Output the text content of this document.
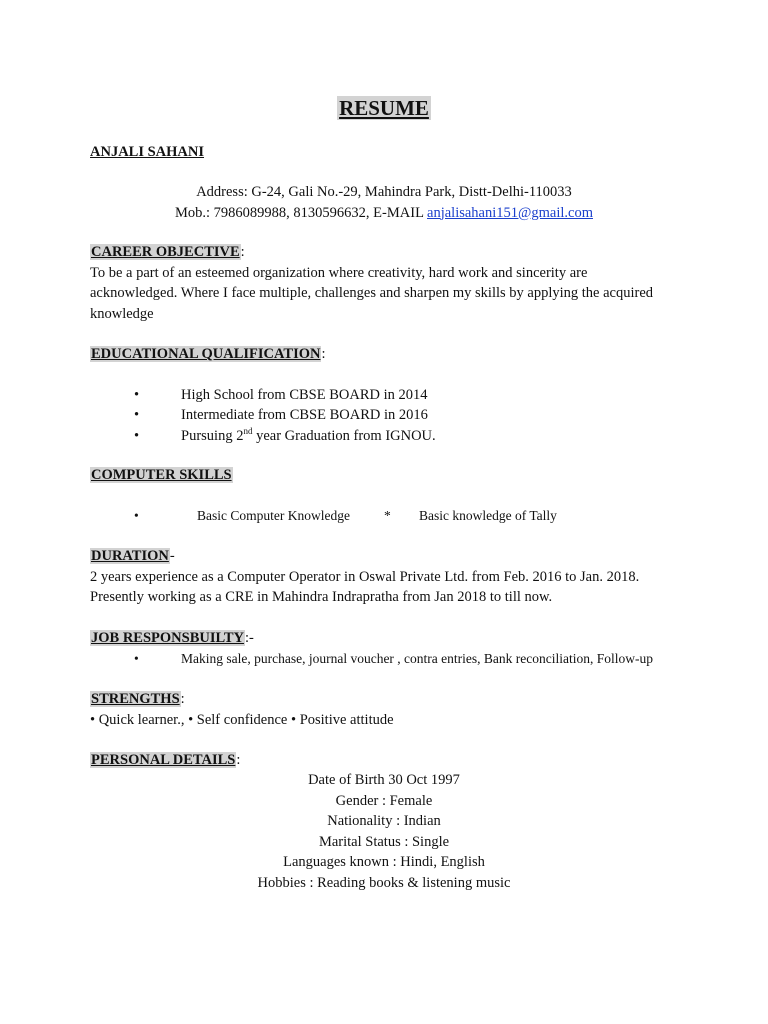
RESUME
ANJALI SAHANI
Address: G-24, Gali No.-29, Mahindra Park, Distt-Delhi-110033
Mob.: 7986089988, 8130596632, E-MAIL anjalisahani151@gmail.com
CAREER OBJECTIVE:
To be a part of an esteemed organization where creativity, hard work and sincerity are
acknowledged. Where I face multiple, challenges and sharpen my skills by applying the acquired
knowledge
EDUCATIONAL QUALIFICATION:
• High School from CBSE BOARD in 2014
• Intermediate from CBSE BOARD in 2016
• Pursuing 2nd year Graduation from IGNOU.
COMPUTER SKILLS
•	Basic Computer Knowledge	* Basic knowledge of Tally
DURATION-
2 years experience as a Computer Operator in Oswal Private Ltd. from Feb. 2016 to Jan. 2018.
Presently working as a CRE in Mahindra Indrapratha from Jan 2018 to till now.
JOB RESPONSBUILTY:-
• Making sale, purchase, journal voucher , contra entries, Bank reconciliation, Follow-up
STRENGTHS:
• Quick learner., • Self confidence • Positive attitude
PERSONAL DETAILS:
Date of Birth 30 Oct 1997
Gender : Female
Nationality : Indian
Marital Status : Single
Languages known : Hindi, English
Hobbies : Reading books & listening music
